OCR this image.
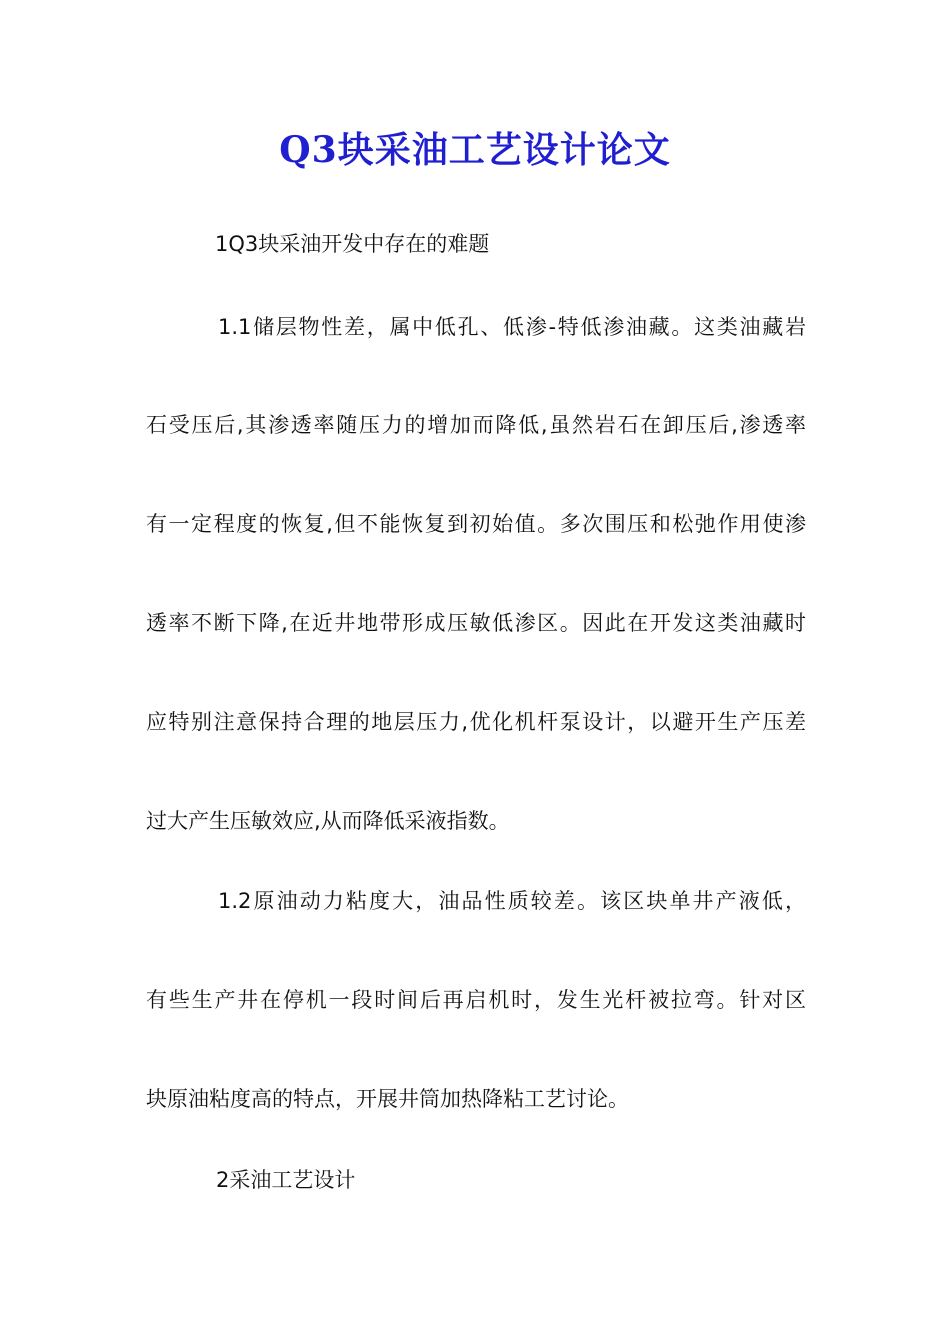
Q3块采油工艺设计论文
1Q3块采油开发中存在的难题
1.1储层物性差，属中低孔、低渗-特低渗油藏。这类油藏岩
石受压后,其渗透率随压力的增加而降低,虽然岩石在卸压后,渗透率
有一定程度的恢复,但不能恢复到初始值。多次围压和松弛作用使渗
透率不断下降,在近井地带形成压敏低渗区。因此在开发这类油藏时
应特别注意保持合理的地层压力,优化机杆泵设计，以避开生产压差
过大产生压敏效应,从而降低采液指数。
1.2原油动力粘度大，油品性质较差。该区块单井产液低，
有些生产井在停机一段时间后再启机时，发生光杆被拉弯。针对区
块原油粘度高的特点，开展井筒加热降粘工艺讨论。
2采油工艺设计
